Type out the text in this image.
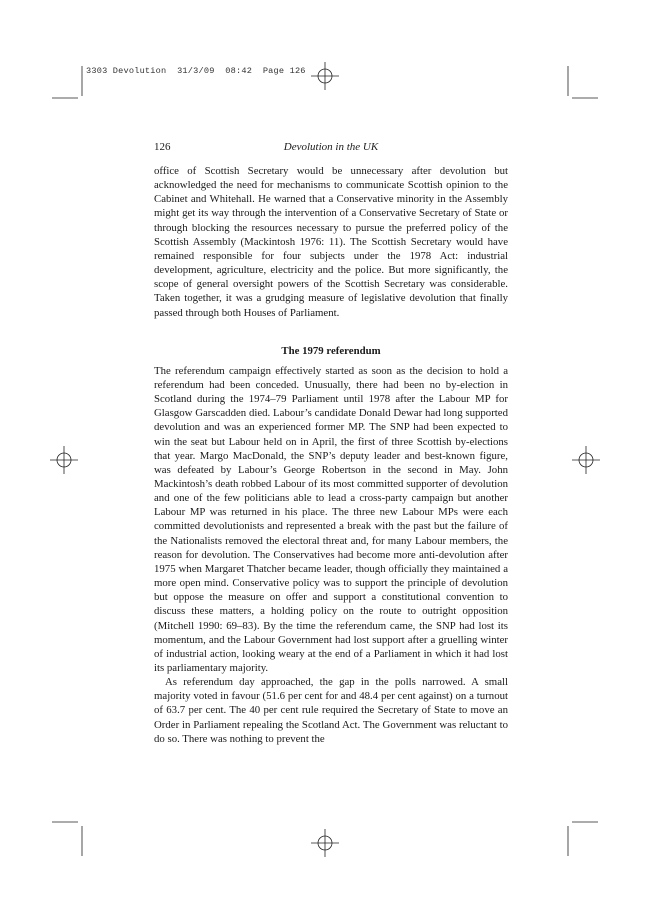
3303 Devolution 31/3/09 08:42 Page 126
126	Devolution in the UK

office of Scottish Secretary would be unnecessary after devolution but acknowledged the need for mechanisms to communicate Scottish opinion to the Cabinet and Whitehall. He warned that a Conservative minority in the Assembly might get its way through the intervention of a Conservative Secretary of State or through blocking the resources necessary to pursue the preferred policy of the Scottish Assembly (Mackintosh 1976: 11). The Scottish Secretary would have remained responsible for four subjects under the 1978 Act: industrial development, agriculture, electricity and the police. But more significantly, the scope of general oversight powers of the Scottish Secretary was considerable. Taken together, it was a grudging measure of legislative devolution that finally passed through both Houses of Parliament.

The 1979 referendum

The referendum campaign effectively started as soon as the decision to hold a referendum had been conceded. Unusually, there had been no by-election in Scotland during the 1974–79 Parliament until 1978 after the Labour MP for Glasgow Garscadden died. Labour’s candidate Donald Dewar had long supported devolution and was an experienced former MP. The SNP had been expected to win the seat but Labour held on in April, the first of three Scottish by-elections that year. Margo MacDonald, the SNP’s deputy leader and best-known figure, was defeated by Labour’s George Robertson in the second in May. John Mackintosh’s death robbed Labour of its most committed supporter of devolution and one of the few politicians able to lead a cross-party campaign but another Labour MP was returned in his place. The three new Labour MPs were each committed devolutionists and represented a break with the past but the failure of the Nationalists removed the electoral threat and, for many Labour members, the reason for devolution. The Conservatives had become more anti-devolution after 1975 when Margaret Thatcher became leader, though officially they maintained a more open mind. Conservative policy was to support the principle of devolution but oppose the measure on offer and support a constitutional convention to discuss these matters, a holding policy on the route to outright opposition (Mitchell 1990: 69–83). By the time the referendum came, the SNP had lost its momentum, and the Labour Government had lost support after a gruelling winter of industrial action, looking weary at the end of a Parliament in which it had lost its parliamentary majority.

As referendum day approached, the gap in the polls narrowed. A small majority voted in favour (51.6 per cent for and 48.4 per cent against) on a turnout of 63.7 per cent. The 40 per cent rule required the Secretary of State to move an Order in Parliament repealing the Scotland Act. The Government was reluctant to do so. There was nothing to prevent the
